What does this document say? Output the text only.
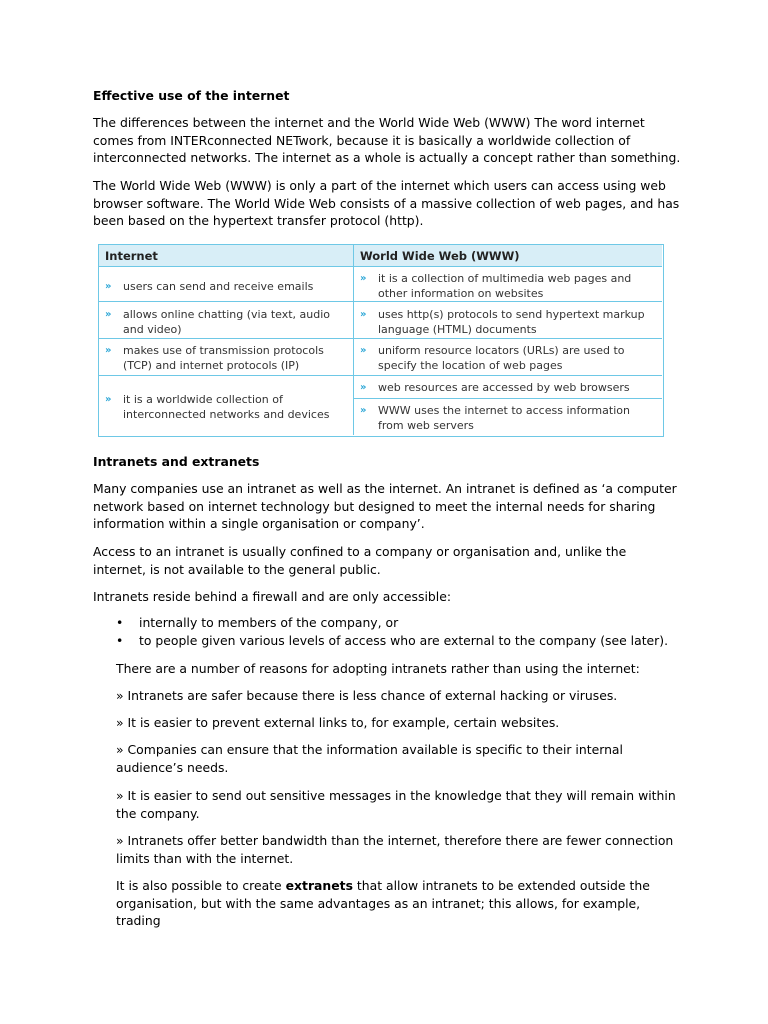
Effective use of the internet

The differences between the internet and the World Wide Web (WWW) The word internet comes from INTERconnected NETwork, because it is basically a worldwide collection of interconnected networks. The internet as a whole is actually a concept rather than something.

The World Wide Web (WWW) is only a part of the internet which users can access using web browser software. The World Wide Web consists of a massive collection of web pages, and has been based on the hypertext transfer protocol (http).

Internet	World Wide Web (WWW)
» users can send and receive emails
» allows online chatting (via text, audio and video)
» makes use of transmission protocols (TCP) and internet protocols (IP)
» it is a worldwide collection of interconnected networks and devices
» it is a collection of multimedia web pages and other information on websites
» uses http(s) protocols to send hypertext markup language (HTML) documents
» uniform resource locators (URLs) are used to specify the location of web pages
» web resources are accessed by web browsers
» WWW uses the internet to access information from web servers

Intranets and extranets

Many companies use an intranet as well as the internet. An intranet is defined as ‘a computer network based on internet technology but designed to meet the internal needs for sharing information within a single organisation or company’.

Access to an intranet is usually confined to a company or organisation and, unlike the internet, is not available to the general public.

Intranets reside behind a firewall and are only accessible:

• internally to members of the company, or
• to people given various levels of access who are external to the company (see later).

There are a number of reasons for adopting intranets rather than using the internet:

» Intranets are safer because there is less chance of external hacking or viruses.

» It is easier to prevent external links to, for example, certain websites.

» Companies can ensure that the information available is specific to their internal audience’s needs.

» It is easier to send out sensitive messages in the knowledge that they will remain within the company.

» Intranets offer better bandwidth than the internet, therefore there are fewer connection limits than with the internet.

It is also possible to create extranets that allow intranets to be extended outside the organisation, but with the same advantages as an intranet; this allows, for example, trading
